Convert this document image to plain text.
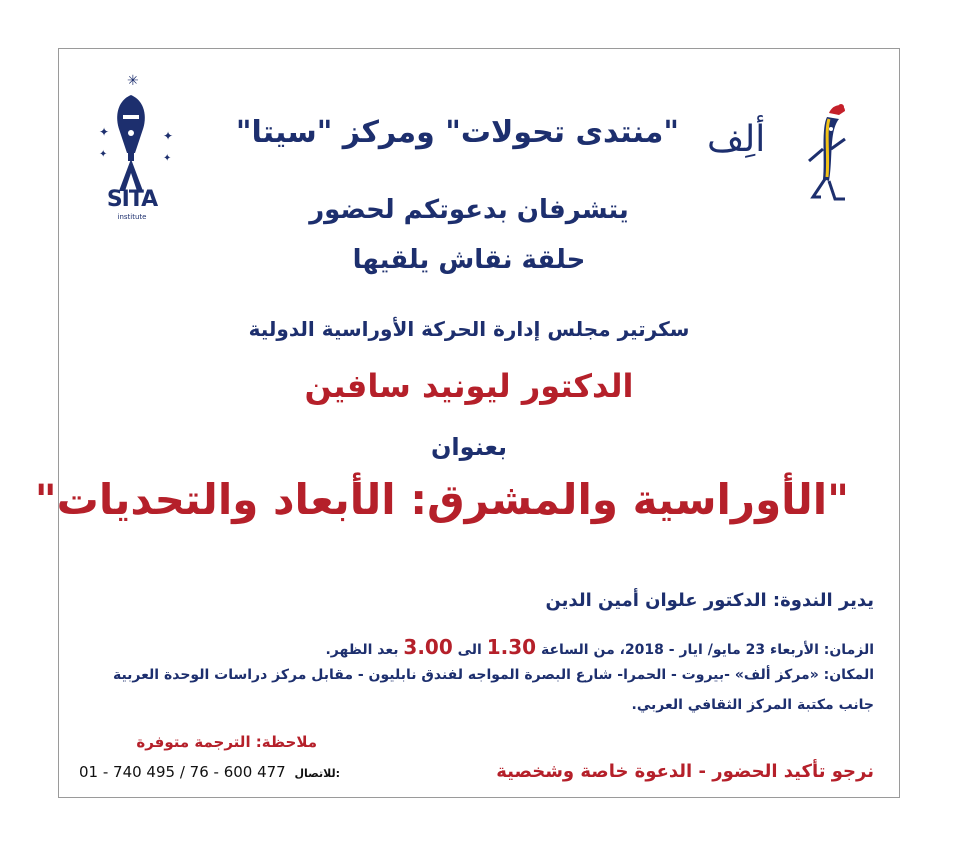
✳
✦	✦
✦	✦
SITA
institute
ألِف
"منتدى تحولات" ومركز "سيتا"
يتشرفان بدعوتكم لحضور
حلقة نقاش يلقيها
سكرتير مجلس إدارة الحركة الأوراسية الدولية
الدكتور ليونيد سافين
بعنوان
"الأوراسية والمشرق: الأبعاد والتحديات"
يدير الندوة: الدكتور علوان أمين الدين
الزمان: الأربعاء 23 مايو/ ايار - 2018، من الساعة 1.30 الى 3.00 بعد الظهر.
المكان: «مركز ألف» -بيروت - الحمرا- شارع البصرة المواجه لفندق نابليون - مقابل مركز دراسات الوحدة العربية
جانب مكتبة المركز الثقافي العربي.
ملاحظة: الترجمة متوفرة
01 - 740 495 / 76 - 600 477 للاتصال:	نرجو تأكيد الحضور - الدعوة خاصة وشخصية
